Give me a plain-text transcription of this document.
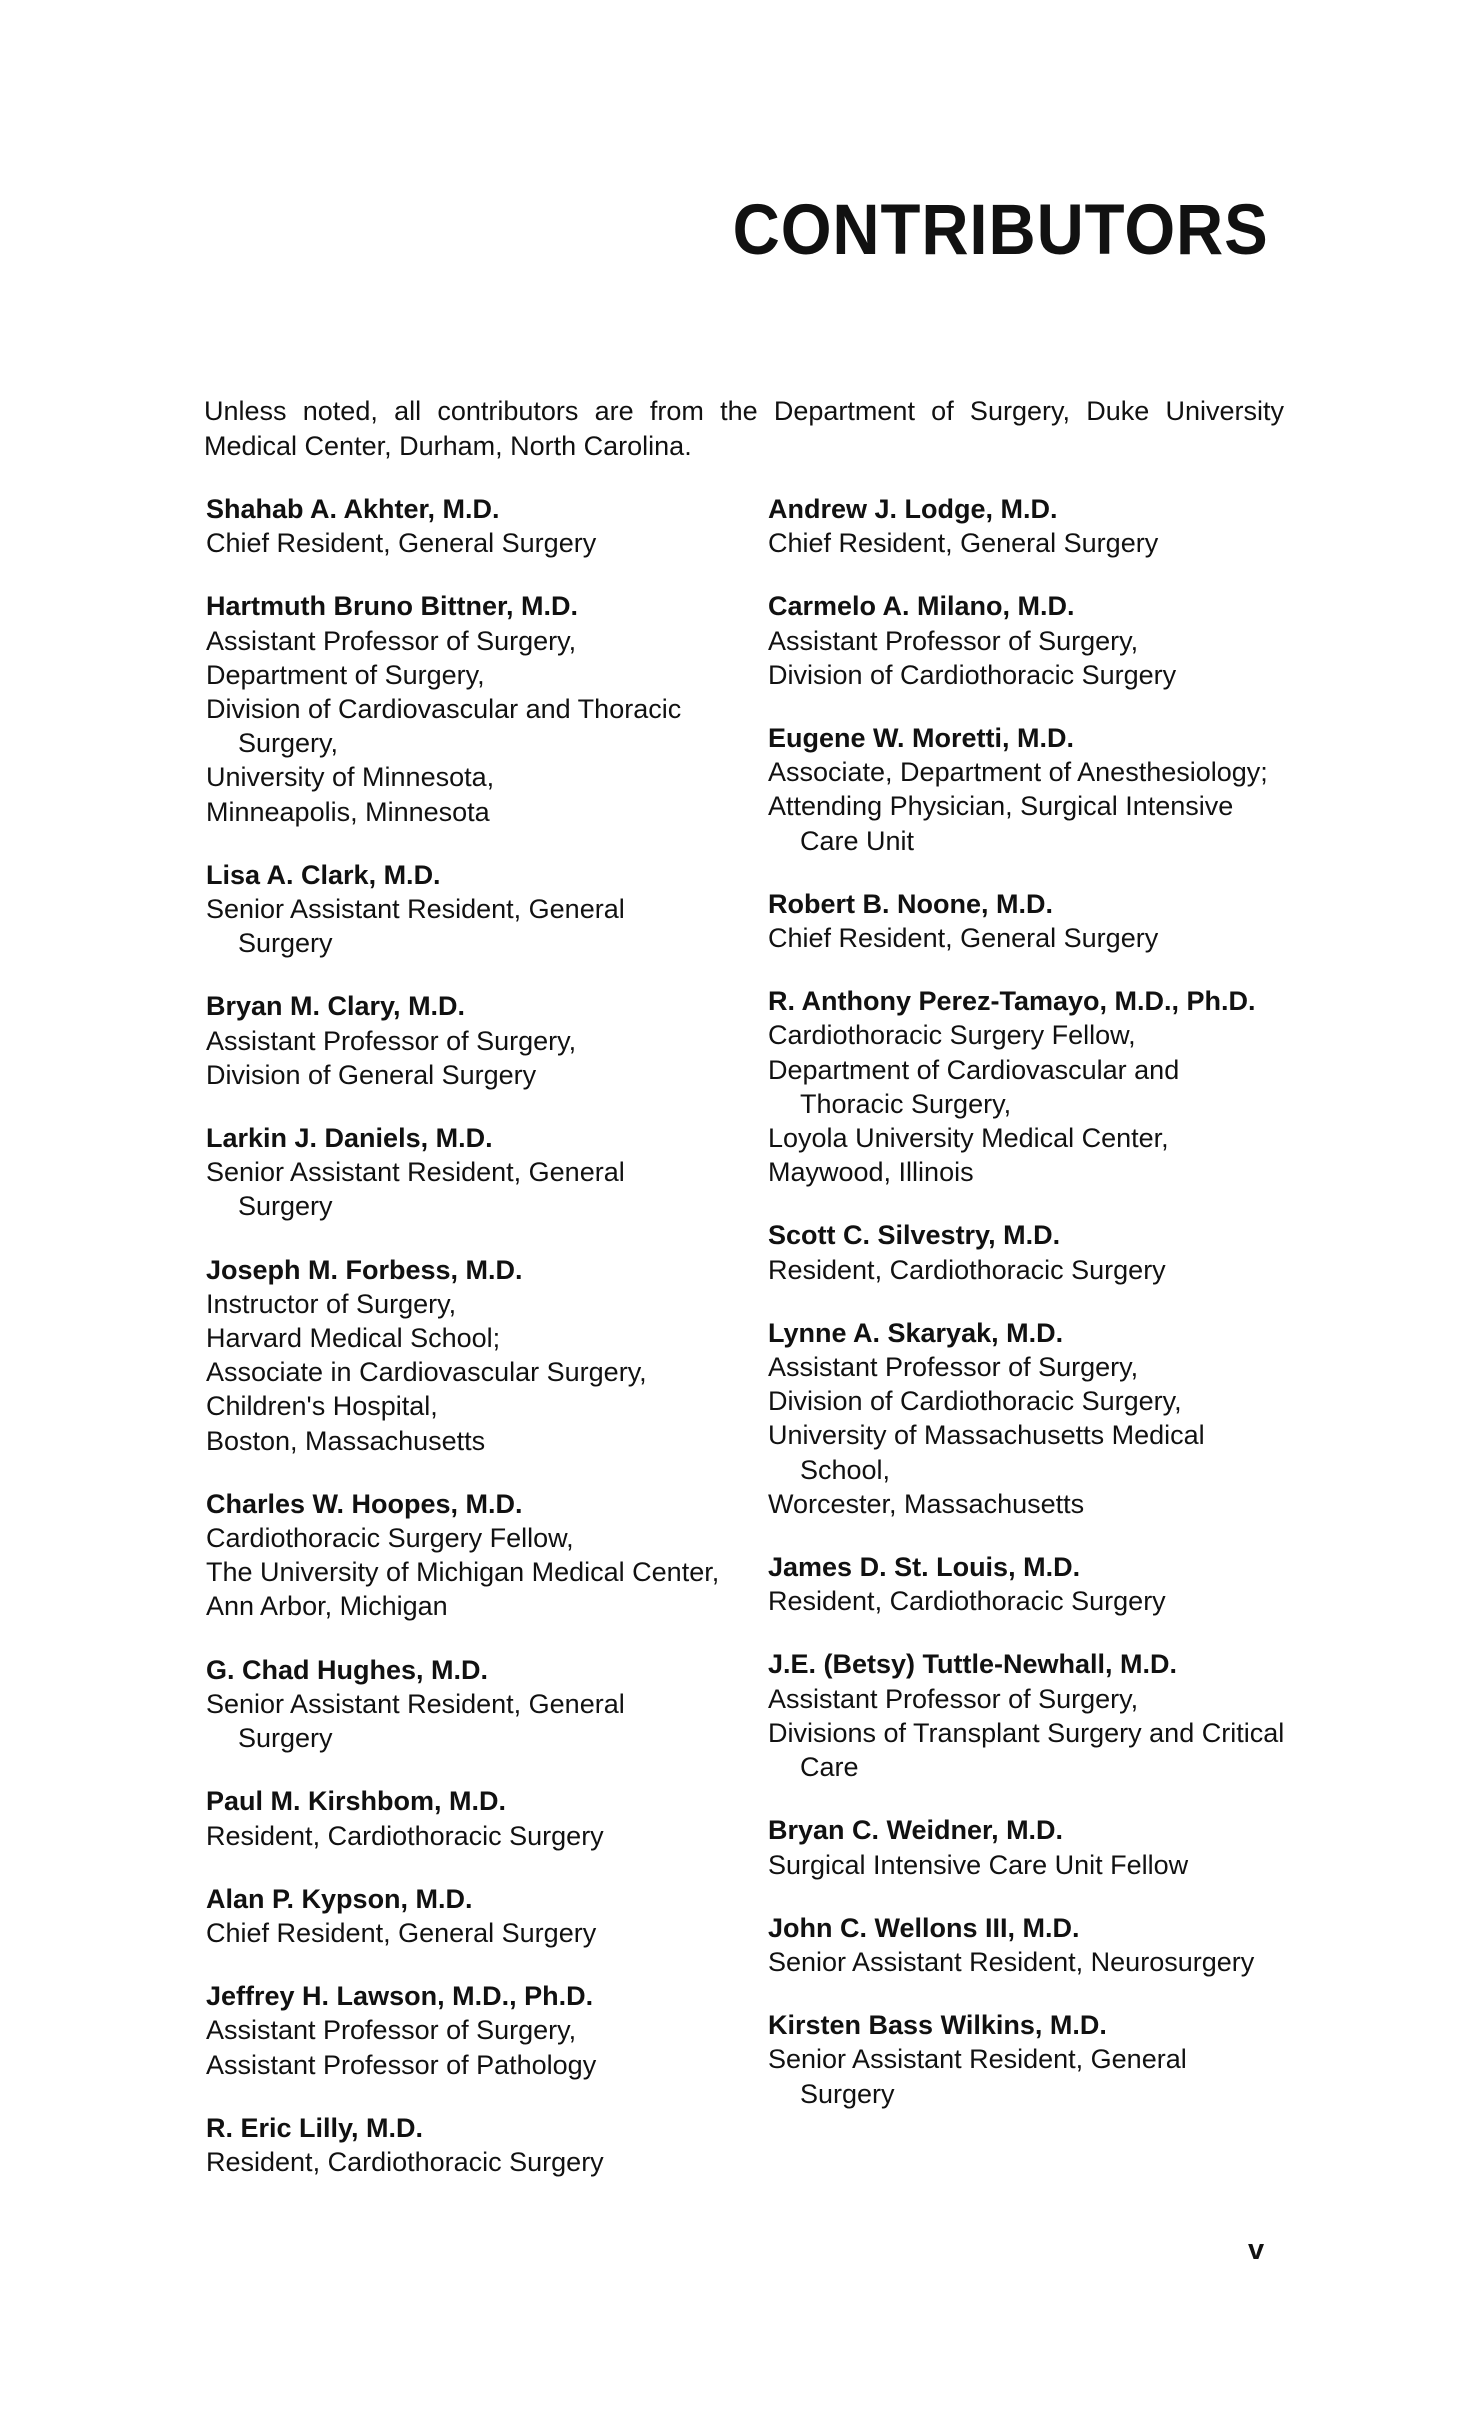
CONTRIBUTORS

Unless noted, all contributors are from the Department of Surgery, Duke University Medical Center, Durham, North Carolina.

Shahab A. Akhter, M.D.
Chief Resident, General Surgery
Hartmuth Bruno Bittner, M.D.
Assistant Professor of Surgery,
Department of Surgery,
Division of Cardiovascular and Thoracic Surgery,
University of Minnesota,
Minneapolis, Minnesota
Lisa A. Clark, M.D.
Senior Assistant Resident, General Surgery
Bryan M. Clary, M.D.
Assistant Professor of Surgery,
Division of General Surgery
Larkin J. Daniels, M.D.
Senior Assistant Resident, General Surgery
Joseph M. Forbess, M.D.
Instructor of Surgery,
Harvard Medical School;
Associate in Cardiovascular Surgery,
Children's Hospital,
Boston, Massachusetts
Charles W. Hoopes, M.D.
Cardiothoracic Surgery Fellow,
The University of Michigan Medical Center,
Ann Arbor, Michigan
G. Chad Hughes, M.D.
Senior Assistant Resident, General Surgery
Paul M. Kirshbom, M.D.
Resident, Cardiothoracic Surgery
Alan P. Kypson, M.D.
Chief Resident, General Surgery
Jeffrey H. Lawson, M.D., Ph.D.
Assistant Professor of Surgery,
Assistant Professor of Pathology
R. Eric Lilly, M.D.
Resident, Cardiothoracic Surgery
Andrew J. Lodge, M.D.
Chief Resident, General Surgery
Carmelo A. Milano, M.D.
Assistant Professor of Surgery,
Division of Cardiothoracic Surgery
Eugene W. Moretti, M.D.
Associate, Department of Anesthesiology;
Attending Physician, Surgical Intensive Care Unit
Robert B. Noone, M.D.
Chief Resident, General Surgery
R. Anthony Perez-Tamayo, M.D., Ph.D.
Cardiothoracic Surgery Fellow,
Department of Cardiovascular and Thoracic Surgery,
Loyola University Medical Center,
Maywood, Illinois
Scott C. Silvestry, M.D.
Resident, Cardiothoracic Surgery
Lynne A. Skaryak, M.D.
Assistant Professor of Surgery,
Division of Cardiothoracic Surgery,
University of Massachusetts Medical School,
Worcester, Massachusetts
James D. St. Louis, M.D.
Resident, Cardiothoracic Surgery
J.E. (Betsy) Tuttle-Newhall, M.D.
Assistant Professor of Surgery,
Divisions of Transplant Surgery and Critical Care
Bryan C. Weidner, M.D.
Surgical Intensive Care Unit Fellow
John C. Wellons III, M.D.
Senior Assistant Resident, Neurosurgery
Kirsten Bass Wilkins, M.D.
Senior Assistant Resident, General Surgery

v
